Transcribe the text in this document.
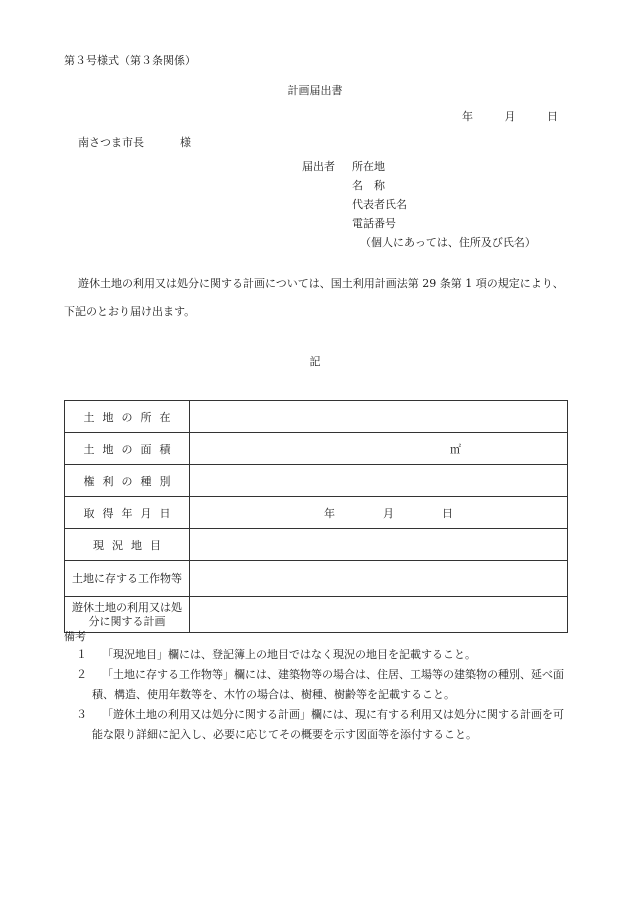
第３号様式（第３条関係）
計画届出書
年	月	日
南さつま市長	様
届出者 所在地
名　称
代表者氏名
電話番号
（個人にあっては、住所及び氏名）
遊休土地の利用又は処分に関する計画については、国土利用計画法第 29 条第 1 項の規定により、下記のとおり届け出ます。
記
土地の所在	
土地の面積	㎡

権利の種別	
取得年月日	年 月 日

現況地目	
土地に存する工作物等	
遊休土地の利用又は処分に関する計画	
備考
１	「現況地目」欄には、登記簿上の地目ではなく現況の地目を記載すること。
２	「土地に存する工作物等」欄には、建築物等の場合は、住居、工場等の建築物の種別、延べ面積、構造、使用年数等を、木竹の場合は、樹種、樹齢等を記載すること。
３	「遊休土地の利用又は処分に関する計画」欄には、現に有する利用又は処分に関する計画を可能な限り詳細に記入し、必要に応じてその概要を示す図面等を添付すること。
